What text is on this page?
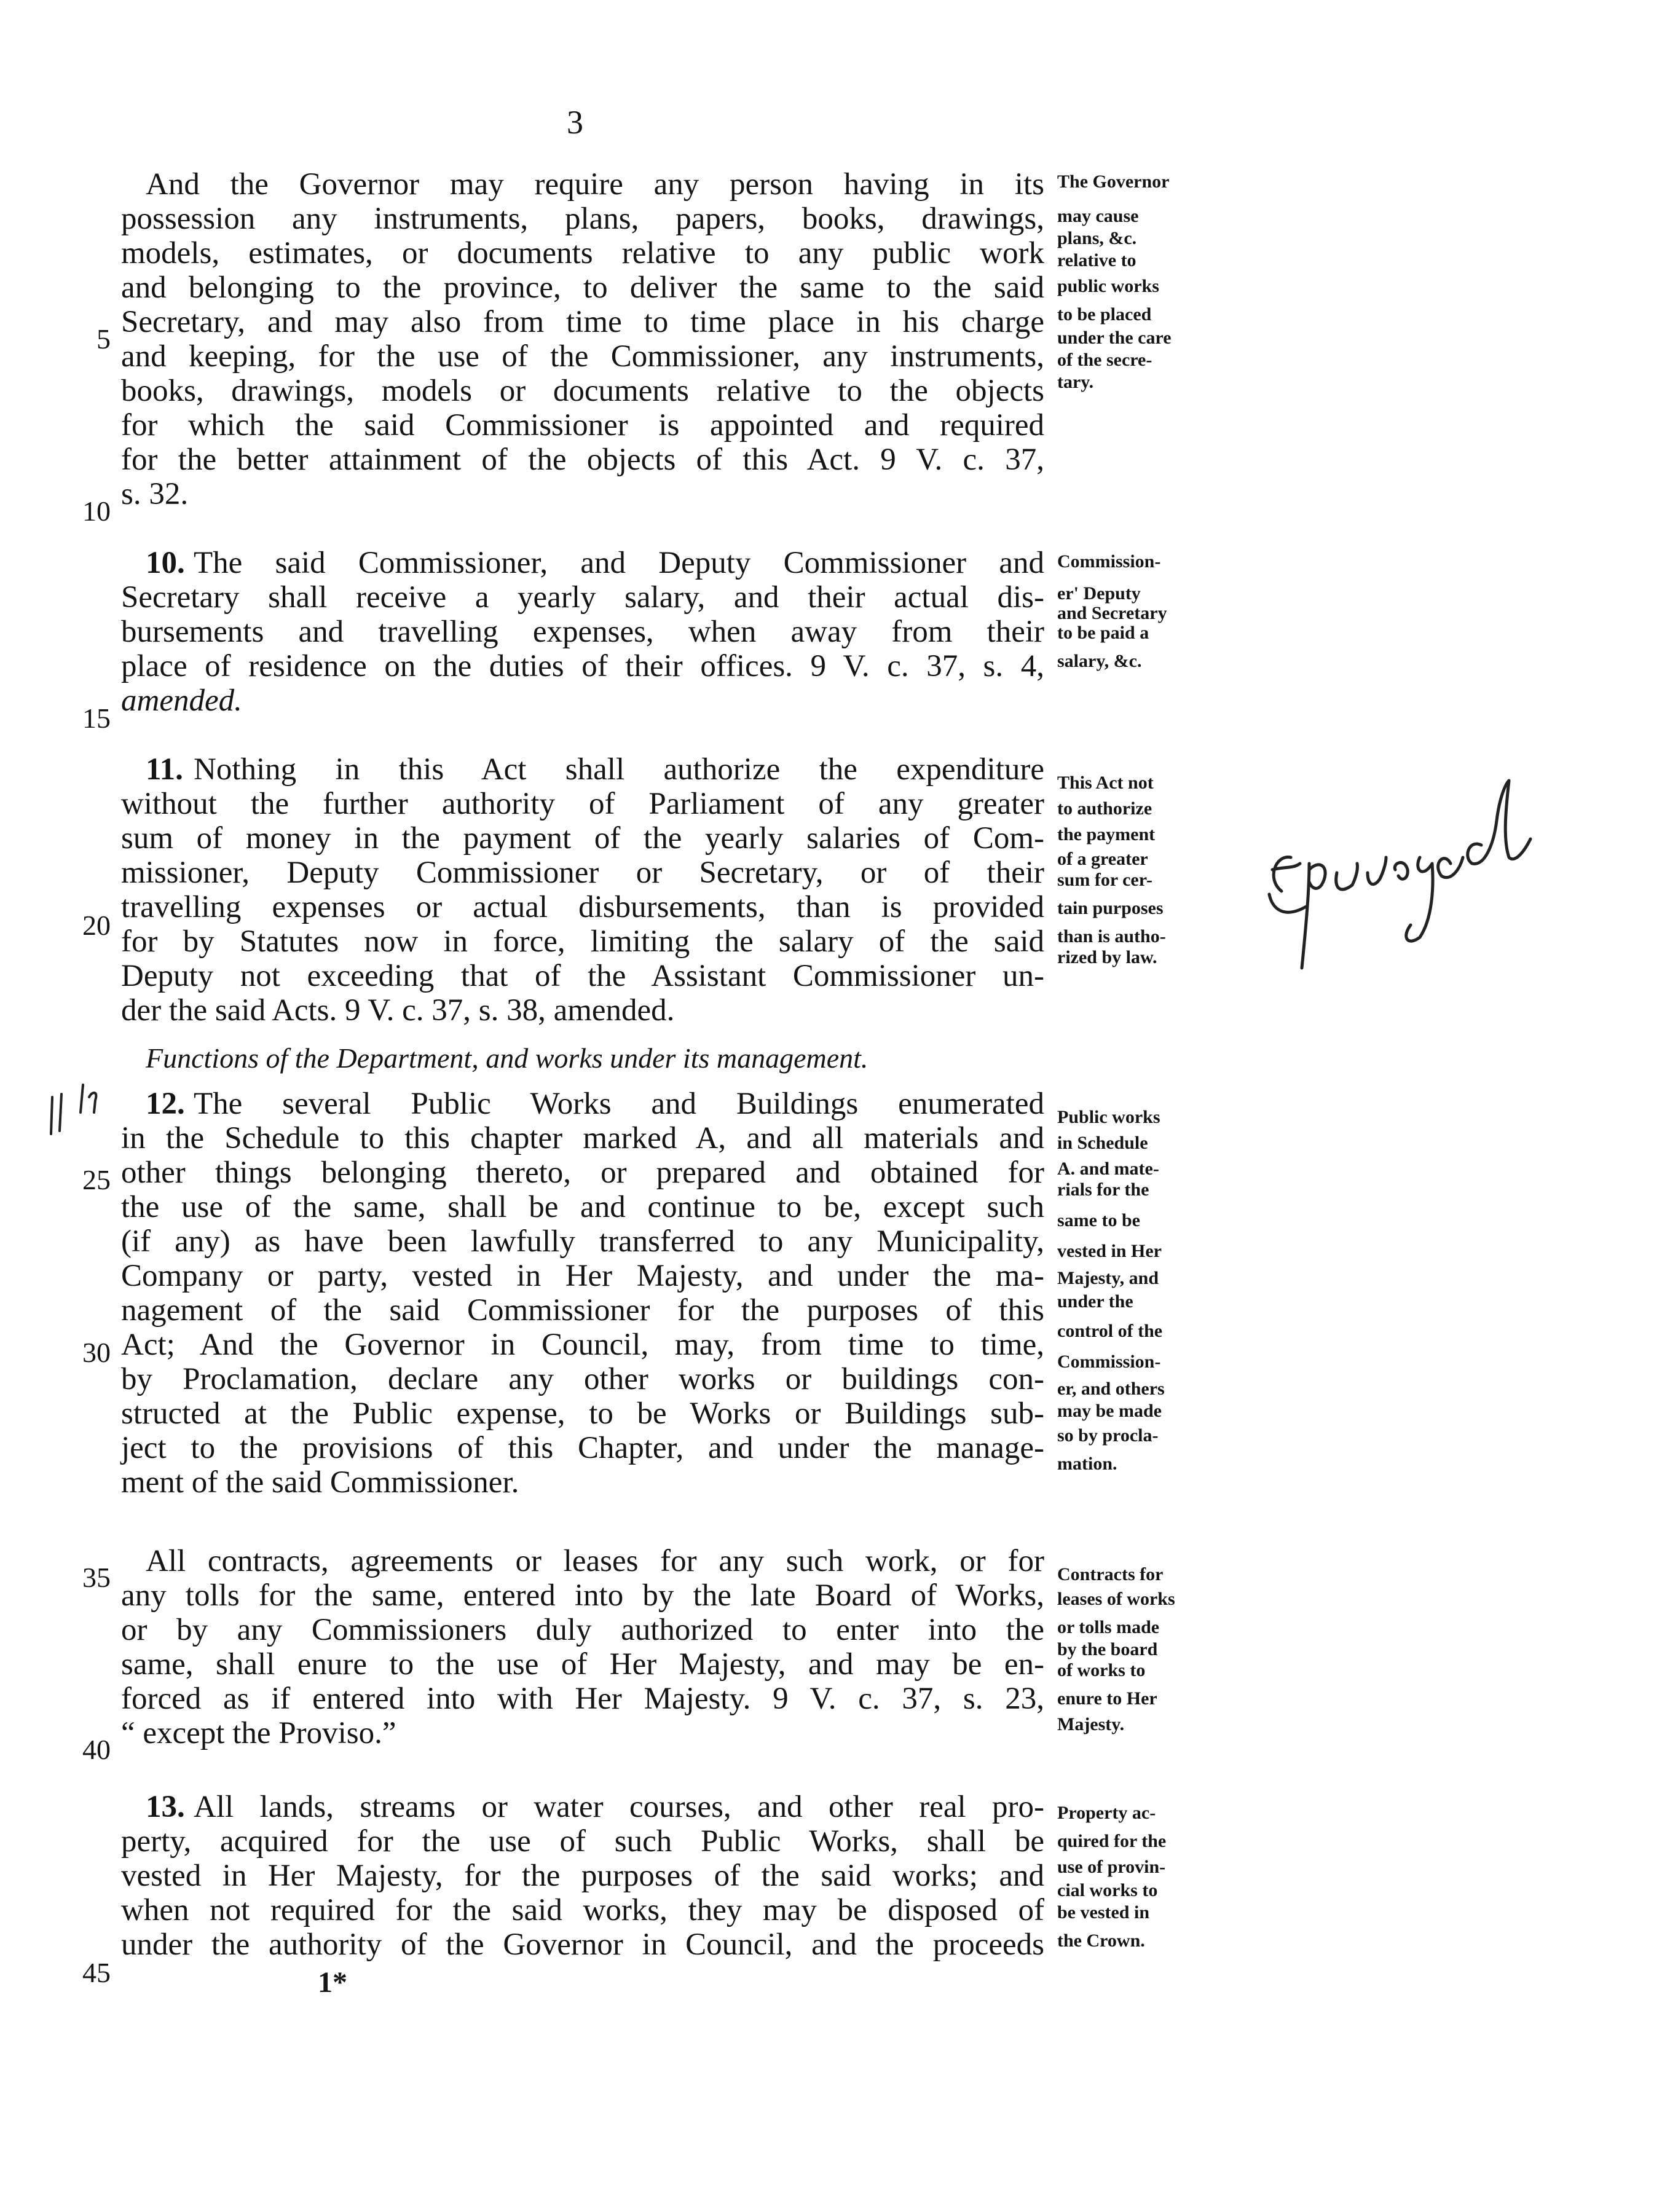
3
5
10
15
20
25
30
35
40
45
And the Governor may require any person having in its
possession any instruments, plans, papers, books, drawings,
models, estimates, or documents relative to any public work
and belonging to the province, to deliver the same to the said
Secretary, and may also from time to time place in his charge
and keeping, for the use of the Commissioner, any instruments,
books, drawings, models or documents relative to the objects
for which the said Commissioner is appointed and required
for the better attainment of the objects of this Act. 9 V. c. 37,
s. 32.
10. The said Commissioner, and Deputy Commissioner and
Secretary shall receive a yearly salary, and their actual dis-
bursements and travelling expenses, when away from their
place of residence on the duties of their offices. 9 V. c. 37, s. 4,
amended.
11. Nothing in this Act shall authorize the expenditure
without the further authority of Parliament of any greater
sum of money in the payment of the yearly salaries of Com-
missioner, Deputy Commissioner or Secretary, or of their
travelling expenses or actual disbursements, than is provided
for by Statutes now in force, limiting the salary of the said
Deputy not exceeding that of the Assistant Commissioner un-
der the said Acts. 9 V. c. 37, s. 38, amended.
Functions of the Department, and works under its management.
12. The several Public Works and Buildings enumerated
in the Schedule to this chapter marked A, and all materials and
other things belonging thereto, or prepared and obtained for
the use of the same, shall be and continue to be, except such
(if any) as have been lawfully transferred to any Municipality,
Company or party, vested in Her Majesty, and under the ma-
nagement of the said Commissioner for the purposes of this
Act; And the Governor in Council, may, from time to time,
by Proclamation, declare any other works or buildings con-
structed at the Public expense, to be Works or Buildings sub-
ject to the provisions of this Chapter, and under the manage-
ment of the said Commissioner.
All contracts, agreements or leases for any such work, or for
any tolls for the same, entered into by the late Board of Works,
or by any Commissioners duly authorized to enter into the
same, shall enure to the use of Her Majesty, and may be en-
forced as if entered into with Her Majesty. 9 V. c. 37, s. 23,
“ except the Proviso.”
13. All lands, streams or water courses, and other real pro-
perty, acquired for the use of such Public Works, shall be
vested in Her Majesty, for the purposes of the said works; and
when not required for the said works, they may be disposed of
under the authority of the Governor in Council, and the proceeds
1*
The Governor
may cause
plans, &c.
relative to
public works
to be placed
under the care
of the secre-
tary.
Commission-
er' Deputy
and Secretary
to be paid a
salary, &c.
This Act not
to authorize
the payment
of a greater
sum for cer-
tain purposes
than is autho-
rized by law.
Public works
in Schedule
A. and mate-
rials for the
same to be
vested in Her
Majesty, and
under the
control of the
Commission-
er, and others
may be made
so by procla-
mation.
Contracts for
leases of works
or tolls made
by the board
of works to
enure to Her
Majesty.
Property ac-
quired for the
use of provin-
cial works to
be vested in
the Crown.
